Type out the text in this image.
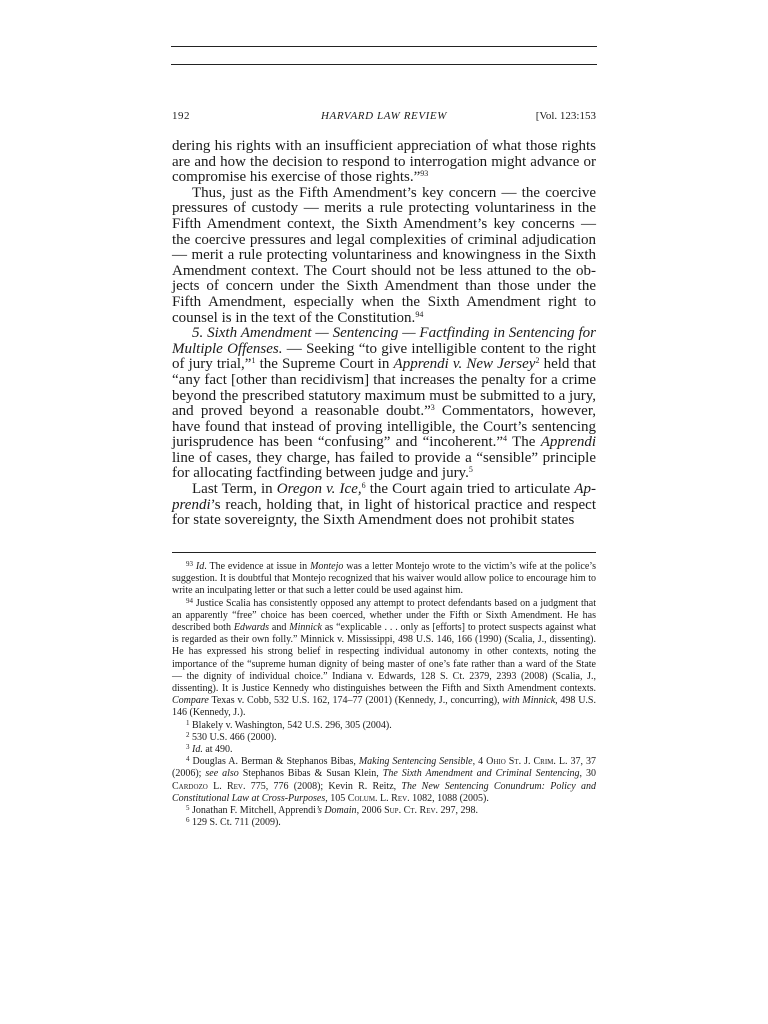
192	HARVARD LAW REVIEW	[Vol. 123:153

dering his rights with an insufficient appreciation of what those rights are and how the decision to respond to interrogation might advance or compromise his exercise of those rights.”$^{93}$

Thus, just as the Fifth Amendment’s key concern — the coercive pressures of custody — merits a rule protecting voluntariness in the Fifth Amendment context, the Sixth Amendment’s key concerns — the coercive pressures and legal complexities of criminal adjudication — merit a rule protecting voluntariness and knowingness in the Sixth Amendment context. The Court should not be less attuned to the objects of concern under the Sixth Amendment than those under the Fifth Amendment, especially when the Sixth Amendment right to counsel is in the text of the Constitution.$^{94}$

5. Sixth Amendment — Sentencing — Factfinding in Sentencing for Multiple Offenses. — Seeking “to give intelligible content to the right of jury trial,”$^1$ the Supreme Court in Apprendi v. New Jersey$^2$ held that “any fact [other than recidivism] that increases the penalty for a crime beyond the prescribed statutory maximum must be submitted to a jury, and proved beyond a reasonable doubt.”$^3$ Commentators, however, have found that instead of proving intelligible, the Court’s sentencing jurisprudence has been “confusing” and “incoherent.”$^4$ The Apprendi line of cases, they charge, has failed to provide a “sensible” principle for allocating factfinding between judge and jury.$^5$

Last Term, in Oregon v. Ice,$^6$ the Court again tried to articulate Apprendi’s reach, holding that, in light of historical practice and respect for state sovereignty, the Sixth Amendment does not prohibit states

$^{93}$ Id. The evidence at issue in Montejo was a letter Montejo wrote to the victim’s wife at the police’s suggestion. It is doubtful that Montejo recognized that his waiver would allow police to encourage him to write an inculpating letter or that such a letter could be used against him.

$^{94}$ Justice Scalia has consistently opposed any attempt to protect defendants based on a judgment that an apparently “free” choice has been coerced, whether under the Fifth or Sixth Amendment. He has described both Edwards and Minnick as “explicable . . . only as [efforts] to protect suspects against what is regarded as their own folly.” Minnick v. Mississippi, 498 U.S. 146, 166 (1990) (Scalia, J., dissenting). He has expressed his strong belief in respecting individual autonomy in other contexts, noting the importance of the “supreme human dignity of being master of one’s fate rather than a ward of the State — the dignity of individual choice.” Indiana v. Edwards, 128 S. Ct. 2379, 2393 (2008) (Scalia, J., dissenting). It is Justice Kennedy who distinguishes between the Fifth and Sixth Amendment contexts. Compare Texas v. Cobb, 532 U.S. 162, 174–77 (2001) (Kennedy, J., concurring), with Minnick, 498 U.S. 146 (Kennedy, J.).

$^1$ Blakely v. Washington, 542 U.S. 296, 305 (2004).

$^2$ 530 U.S. 466 (2000).

$^3$ Id. at 490.

$^4$ Douglas A. Berman & Stephanos Bibas, Making Sentencing Sensible, 4 Ohio St. J. Crim. L. 37, 37 (2006); see also Stephanos Bibas & Susan Klein, The Sixth Amendment and Criminal Sentencing, 30 Cardozo L. Rev. 775, 776 (2008); Kevin R. Reitz, The New Sentencing Conundrum: Policy and Constitutional Law at Cross-Purposes, 105 Colum. L. Rev. 1082, 1088 (2005).

$^5$ Jonathan F. Mitchell, Apprendi’s Domain, 2006 Sup. Ct. Rev. 297, 298.

$^6$ 129 S. Ct. 711 (2009).
